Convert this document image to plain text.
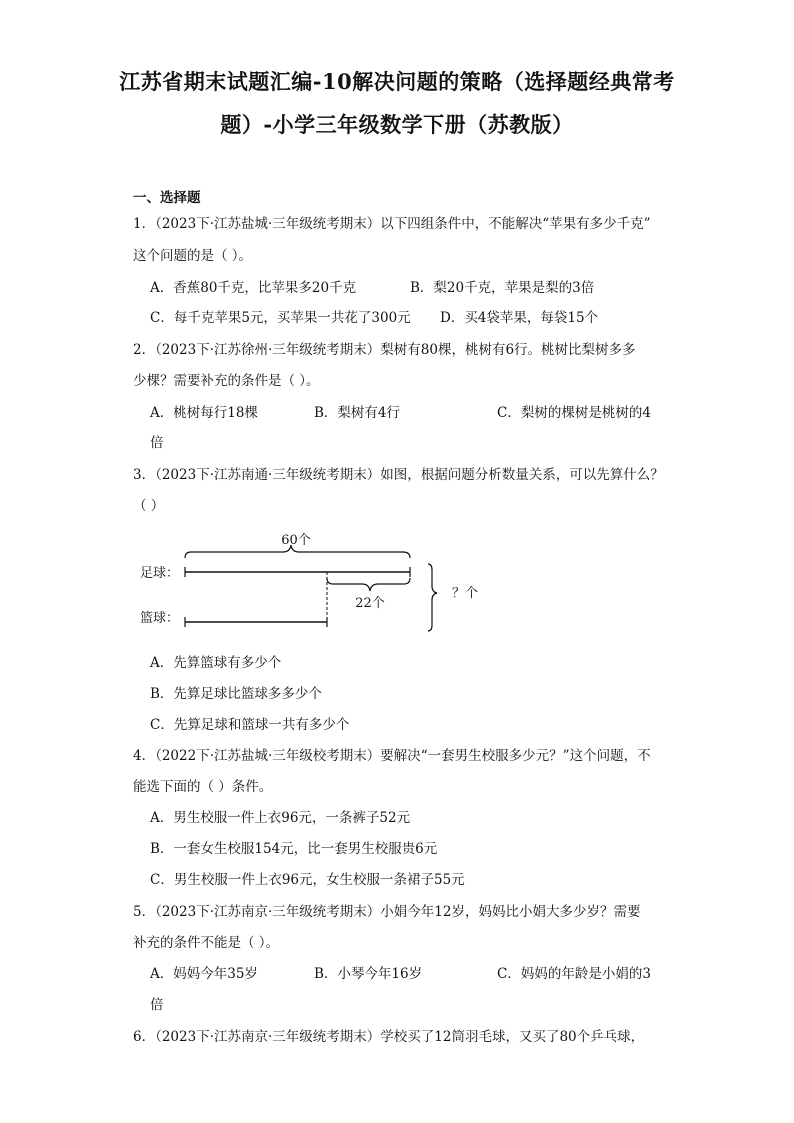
江苏省期末试题汇编-10解决问题的策略（选择题经典常考
题）-小学三年级数学下册（苏教版）
一、选择题
1．（2023下·江苏盐城·三年级统考期末）以下四组条件中，不能解决“苹果有多少千克”
这个问题的是（ ）。
A．香蕉80千克，比苹果多20千克	B．梨20千克，苹果是梨的3倍
C．每千克苹果5元，买苹果一共花了300元 D．买4袋苹果，每袋15个
2．（2023下·江苏徐州·三年级统考期末）梨树有80棵，桃树有6行。桃树比梨树多多
少棵？需要补充的条件是（ ）。
A．桃树每行18棵	B．梨树有4行	C．梨树的棵树是桃树的4
倍
3．（2023下·江苏南通·三年级统考期末）如图，根据问题分析数量关系，可以先算什么？
（ ）
60个
足球：
22个
篮球：
？个
A．先算篮球有多少个
B．先算足球比篮球多多少个
C．先算足球和篮球一共有多少个
4．（2022下·江苏盐城·三年级校考期末）要解决“一套男生校服多少元？”这个问题，不
能选下面的（ ）条件。
A．男生校服一件上衣96元，一条裤子52元
B．一套女生校服154元，比一套男生校服贵6元
C．男生校服一件上衣96元，女生校服一条裙子55元
5．（2023下·江苏南京·三年级统考期末）小娟今年12岁，妈妈比小娟大多少岁？需要
补充的条件不能是（ ）。
A．妈妈今年35岁	B．小琴今年16岁	C．妈妈的年龄是小娟的3
倍
6．（2023下·江苏南京·三年级统考期末）学校买了12筒羽毛球，又买了80个乒乓球，
